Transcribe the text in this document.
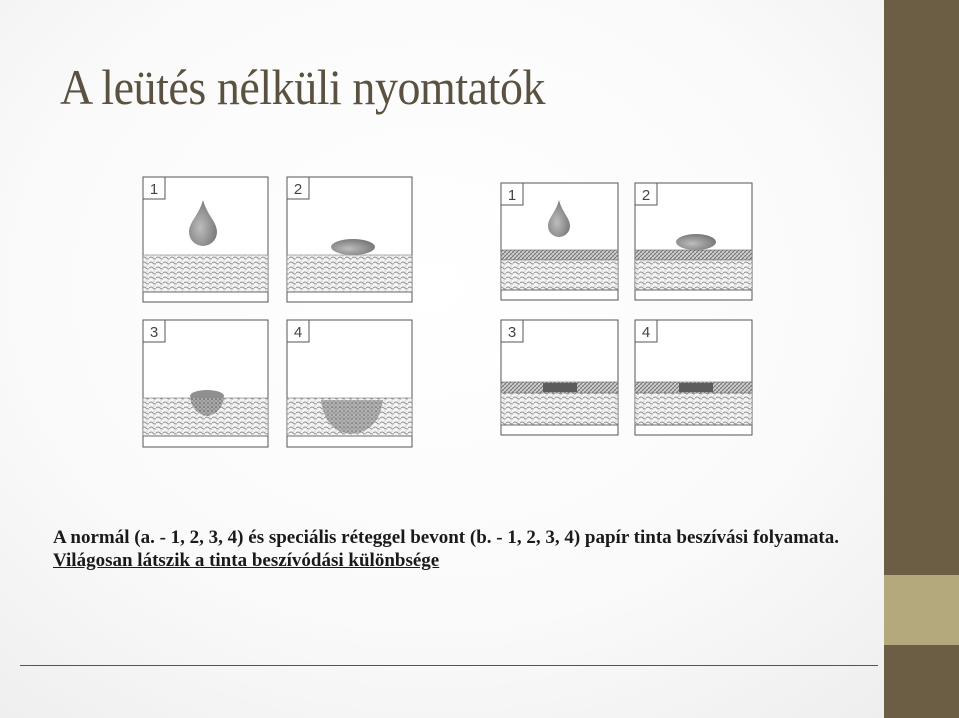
A leütés nélküli nyomtatók
1	2
3	4
1	2
3	4

A normál (a. - 1, 2, 3, 4) és speciális réteggel bevont (b. - 1, 2, 3, 4) papír tinta beszívási folyamata.

Világosan látszik a tinta beszívódási különbsége
